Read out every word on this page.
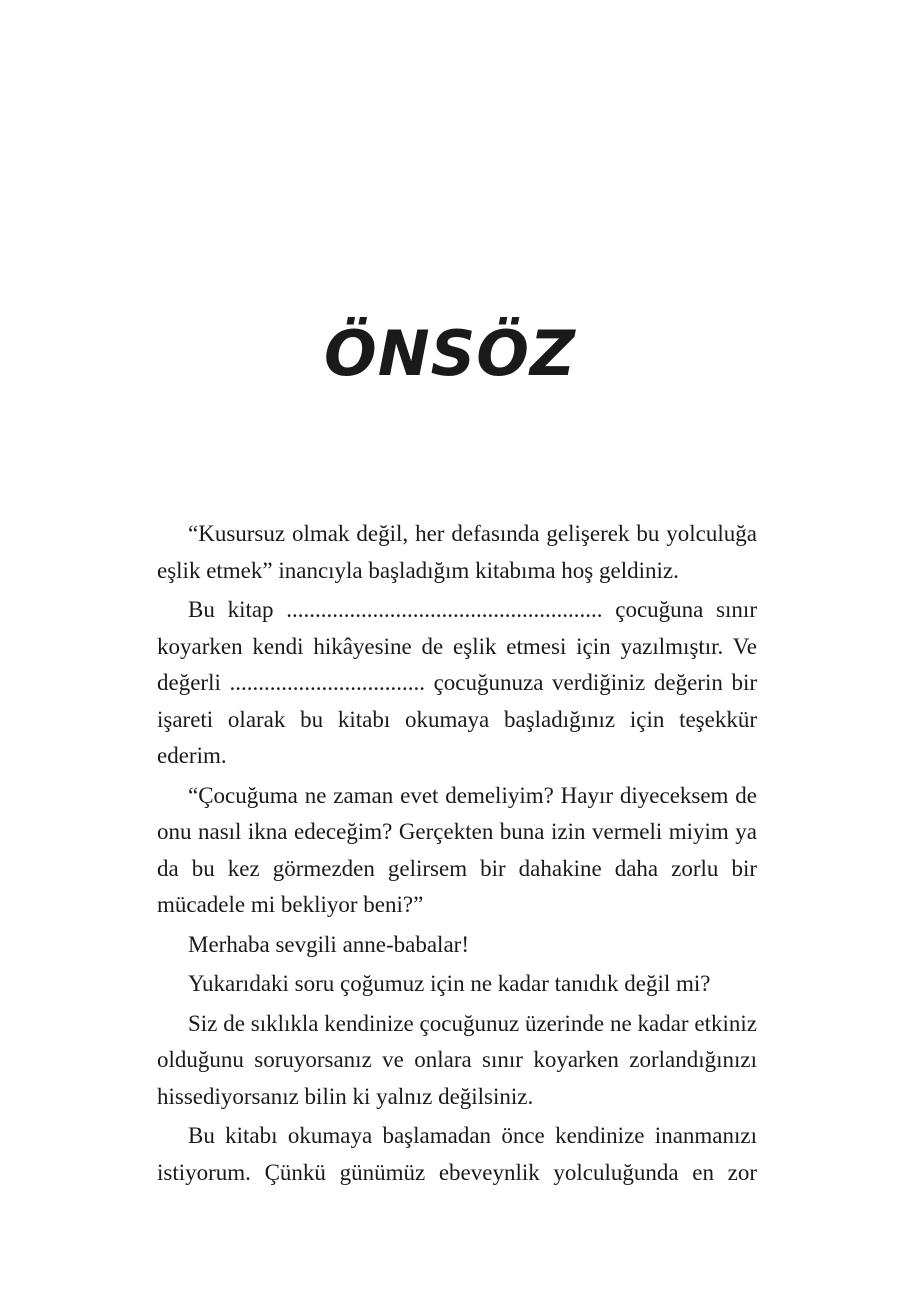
ÖNSÖZ

“Kusursuz olmak değil, her defasında gelişerek bu yolculuğa eşlik etmek” inancıyla başladığım kitabıma hoş geldiniz.

Bu kitap ....................................................... çocuğuna sınır koyarken kendi hikâyesine de eşlik etmesi için yazılmıştır. Ve değerli .................................. çocuğunuza verdiğiniz değerin bir işareti olarak bu kitabı okumaya başladığınız için teşekkür ederim.

“Çocuğuma ne zaman evet demeliyim? Hayır diyeceksem de onu nasıl ikna edeceğim? Gerçekten buna izin vermeli miyim ya da bu kez görmezden gelirsem bir dahakine daha zorlu bir mücadele mi bekliyor beni?”

Merhaba sevgili anne-babalar!

Yukarıdaki soru çoğumuz için ne kadar tanıdık değil mi?

Siz de sıklıkla kendinize çocuğunuz üzerinde ne kadar etkiniz olduğunu soruyorsanız ve onlara sınır koyarken zorlandığınızı hissediyorsanız bilin ki yalnız değilsiniz.

Bu kitabı okumaya başlamadan önce kendinize inanmanızı istiyorum. Çünkü günümüz ebeveynlik yolculuğunda en zor
